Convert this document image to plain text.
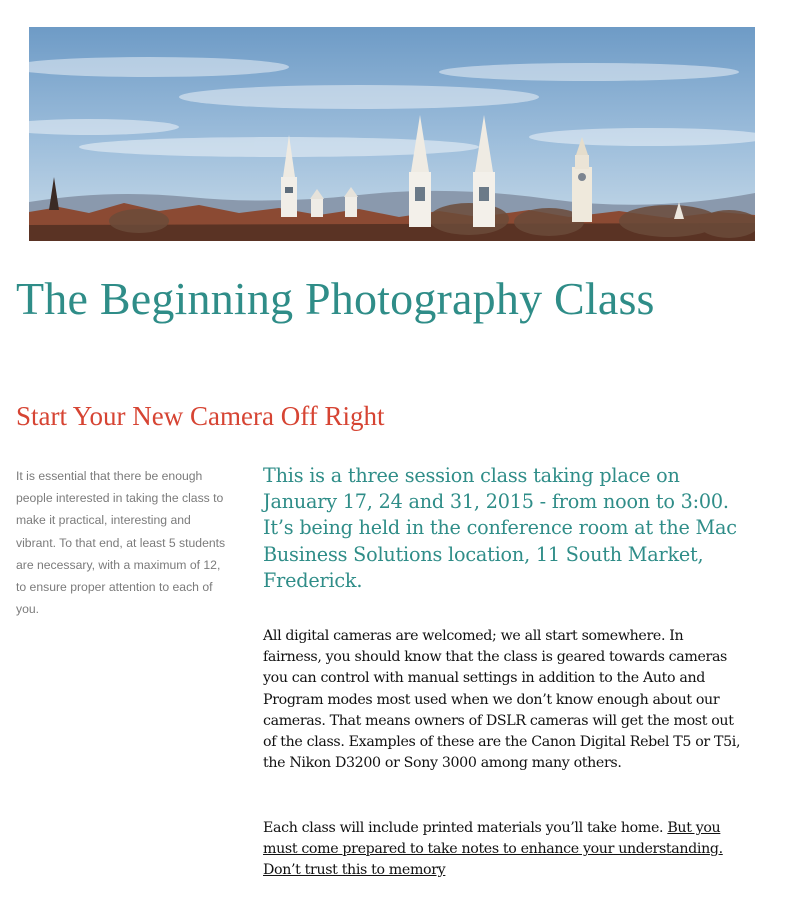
The Beginning Photography Class
Start Your New Camera Off Right

It is essential that there be enough people interested in taking the class to make it practical, interesting and vibrant. To that end, at least 5 students are necessary, with a maximum of 12, to ensure proper attention to each of you.

This is a three session class taking place on January 17, 24 and 31, 2015 - from noon to 3:00. It’s being held in the conference room at the Mac Business Solutions location, 11 South Market, Frederick.

All digital cameras are welcomed; we all start somewhere. In fairness, you should know that the class is geared towards cameras you can control with manual settings in addition to the Auto and Program modes most used when we don’t know enough about our cameras. That means owners of DSLR cameras will get the most out of the class. Examples of these are the Canon Digital Rebel T5 or T5i, the Nikon D3200 or Sony 3000 among many others.

Each class will include printed materials you’ll take home. But you must come prepared to take notes to enhance your understanding. Don’t trust this to memory
